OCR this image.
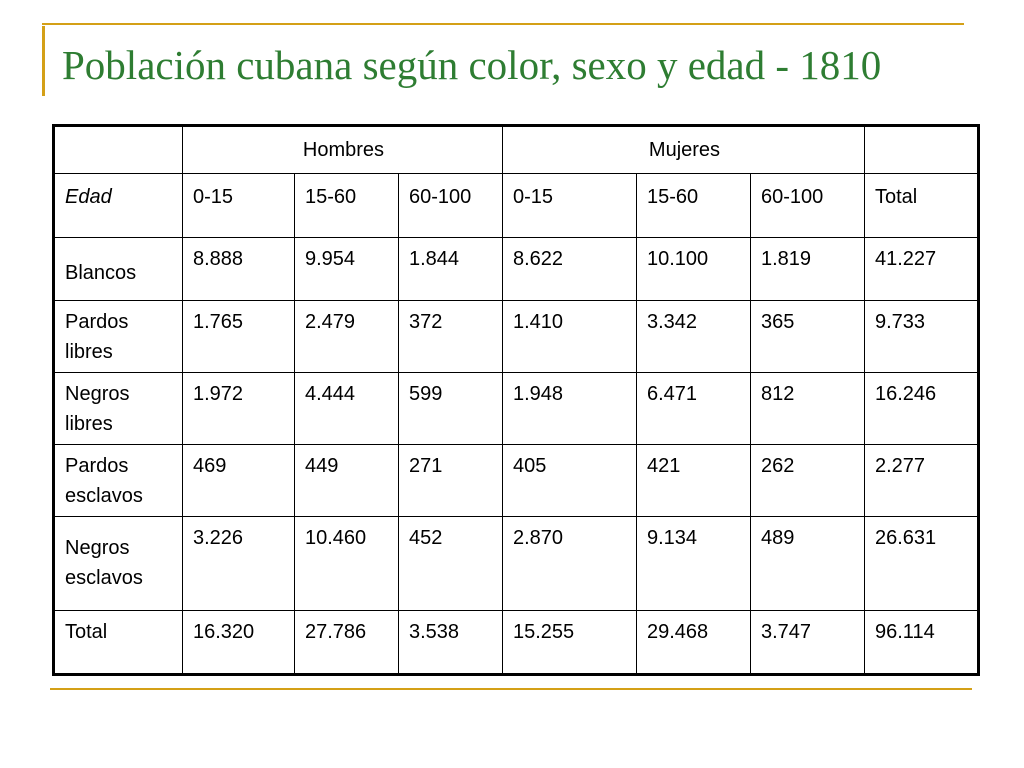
Población cubana según color, sexo y edad - 1810
	Hombres			Mujeres			
Edad	0-15	15-60	60-100	0-15	15-60	60-100	Total

Blancos	8.888	9.954	1.844	8.622	10.100	1.819	41.227
Pardos libres	1.765	2.479	372	1.410	3.342	365	9.733
Negros libres	1.972	4.444	599	1.948	6.471	812	16.246
Pardos esclavos	469	449	271	405	421	262	2.277

Negros esclavos	3.226	10.460	452	2.870	9.134	489	26.631
Total	16.320	27.786	3.538	15.255	29.468	3.747	96.114
